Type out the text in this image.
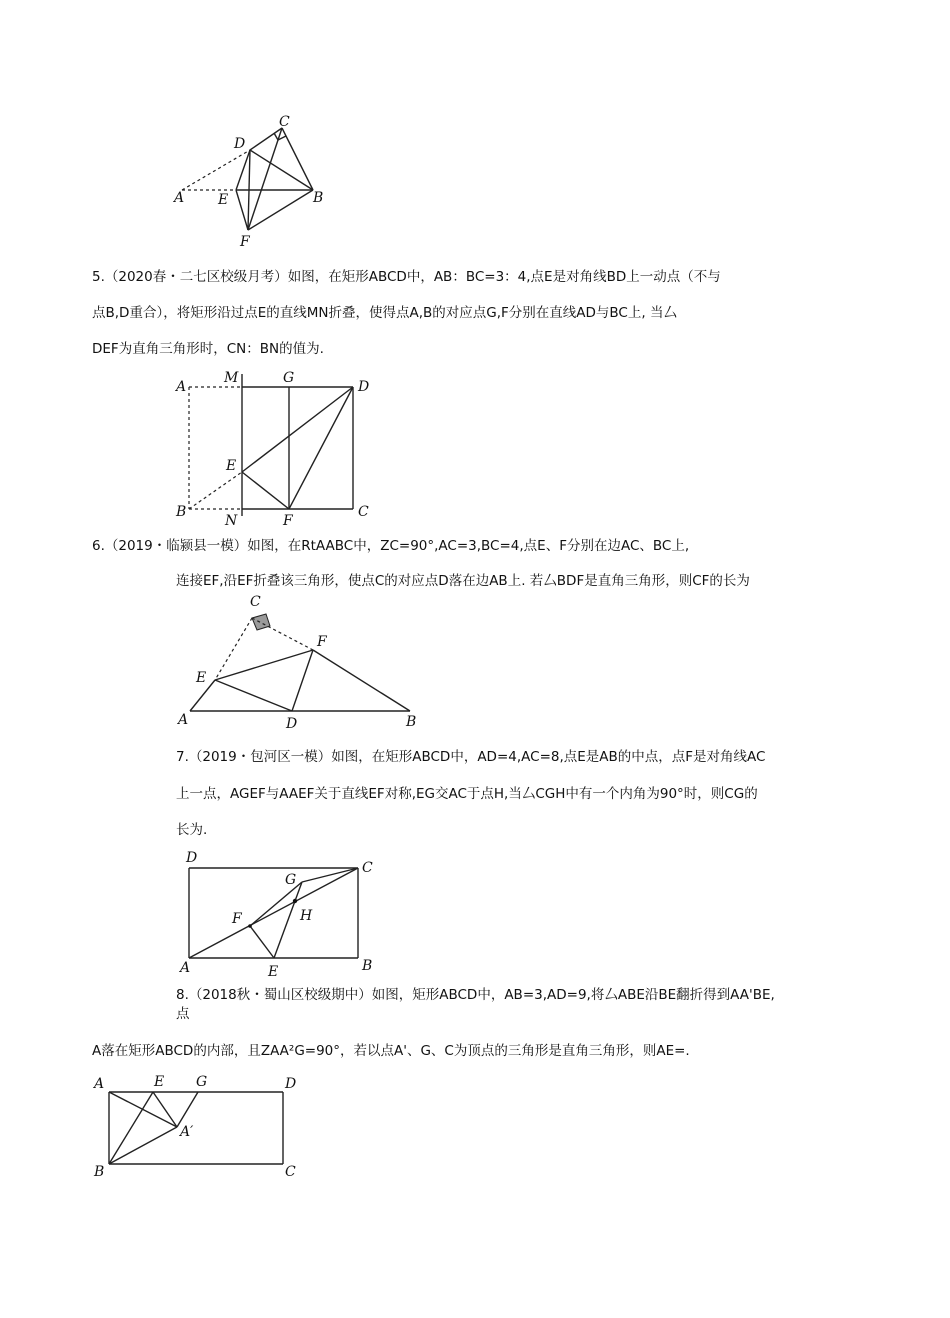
D
C
A E	B
F

5.（2020春・二七区校级月考）如图，在矩形ABCD中，AB：BC=3：4,点E是对角线BD上一动点（不与

点B,D重合），将矩形沿过点E的直线MN折叠，使得点A,B的对应点G,F分别在直线AD与BC上, 当厶

DEF为直角三角形时，CN：BN的值为.

A
M	G
D
E
B
N	F
C

6.（2019・临颍县一模）如图，在RtAABC中，ZC=90°,AC=3,BC=4,点E、F分别在边AC、BC上,

连接EF,沿EF折叠该三角形，使点C的对应点D落在边AB上. 若厶BDF是直角三角形，则CF的长为

C
F
E
A	D	B

7.（2019・包河区一模）如图，在矩形ABCD中，AD=4,AC=8,点E是AB的中点，点F是对角线AC

上一点，AGEF与AAEF关于直线EF对称,EG交AC于点H,当厶CGH中有一个内角为90°时，则CG的

长为.

D
C
G
F	H
A	E	B

8.（2018秋・蜀山区校级期中）如图，矩形ABCD中，AB=3,AD=9,将厶ABE沿BE翻折得到AA'BE,

点

A落在矩形ABCD的内部，且ZAA²G=90°，若以点A'、G、C为顶点的三角形是直角三角形，则AE=.

A	E G	D
A′
B	C
